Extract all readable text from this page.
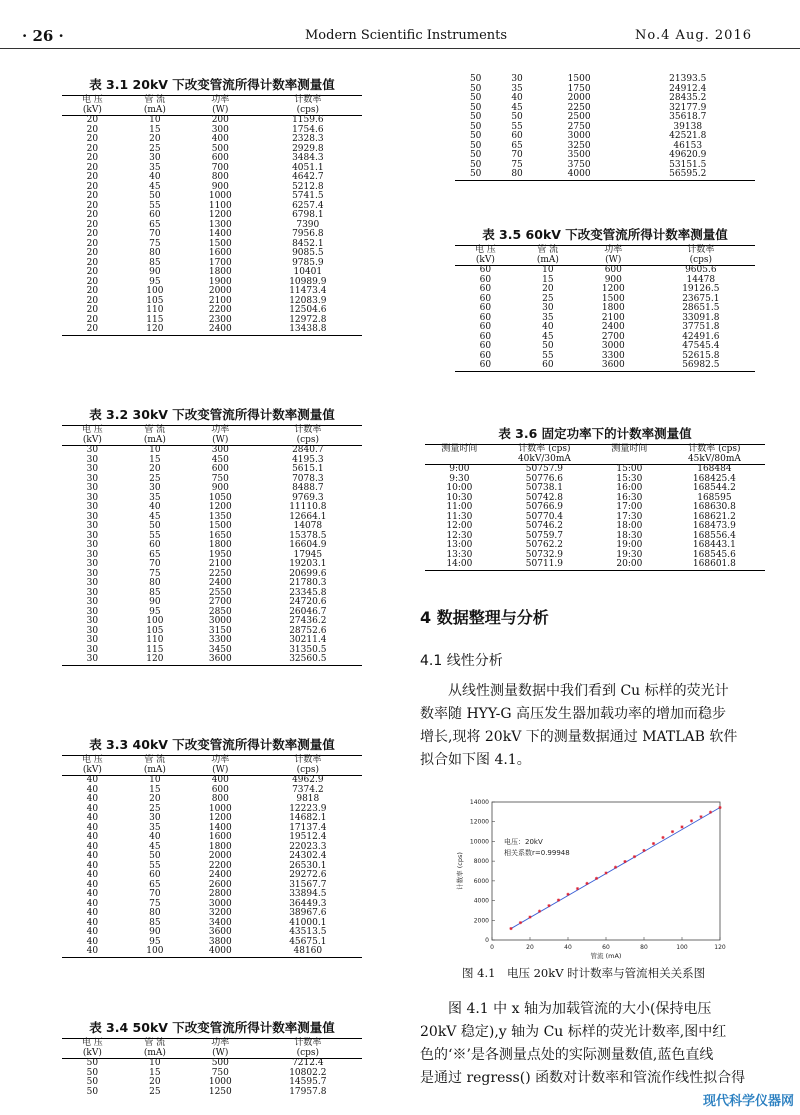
· 26 ·	Modern Scientific Instruments	No.4 Aug. 2016
表 3.1 20kV 下改变管流所得计数率测量值
电 压	管 流	功率	计数率
(kV)	(mA)	(W)	(cps)
20	10	200	1159.6
20	15	300	1754.6
20	20	400	2328.3
20	25	500	2929.8
20	30	600	3484.3
20	35	700	4051.1
20	40	800	4642.7
20	45	900	5212.8
20	50	1000	5741.5
20	55	1100	6257.4
20	60	1200	6798.1
20	65	1300	7390
20	70	1400	7956.8
20	75	1500	8452.1
20	80	1600	9085.5
20	85	1700	9785.9
20	90	1800	10401
20	95	1900	10989.9
20	100	2000	11473.4
20	105	2100	12083.9
20	110	2200	12504.6
20	115	2300	12972.8
20	120	2400	13438.8
表 3.2 30kV 下改变管流所得计数率测量值
电 压	管 流	功率	计数率
(kV)	(mA)	(W)	(cps)
30	10	300	2840.7
30	15	450	4195.3
30	20	600	5615.1
30	25	750	7078.3
30	30	900	8488.7
30	35	1050	9769.3
30	40	1200	11110.8
30	45	1350	12664.1
30	50	1500	14078
30	55	1650	15378.5
30	60	1800	16604.9
30	65	1950	17945
30	70	2100	19203.1
30	75	2250	20699.6
30	80	2400	21780.3
30	85	2550	23345.8
30	90	2700	24720.6
30	95	2850	26046.7
30	100	3000	27436.2
30	105	3150	28752.6
30	110	3300	30211.4
30	115	3450	31350.5
30	120	3600	32560.5
表 3.3 40kV 下改变管流所得计数率测量值
电 压	管 流	功率	计数率
(kV)	(mA)	(W)	(cps)
40	10	400	4962.9
40	15	600	7374.2
40	20	800	9818
40	25	1000	12223.9
40	30	1200	14682.1
40	35	1400	17137.4
40	40	1600	19512.4
40	45	1800	22023.3
40	50	2000	24302.4
40	55	2200	26530.1
40	60	2400	29272.6
40	65	2600	31567.7
40	70	2800	33894.5
40	75	3000	36449.3
40	80	3200	38967.6
40	85	3400	41000.1
40	90	3600	43513.5
40	95	3800	45675.1
40	100	4000	48160
表 3.4 50kV 下改变管流所得计数率测量值
电 压	管 流	功率	计数率
(kV)	(mA)	(W)	(cps)
50	10	500	7212.4
50	15	750	10802.2
50	20	1000	14595.7
50	25	1250	17957.8
50	30	1500	21393.5
50	35	1750	24912.4
50	40	2000	28435.2
50	45	2250	32177.9
50	50	2500	35618.7
50	55	2750	39138
50	60	3000	42521.8
50	65	3250	46153
50	70	3500	49620.9
50	75	3750	53151.5
50	80	4000	56595.2
表 3.5 60kV 下改变管流所得计数率测量值
电 压	管 流	功率	计数率
(kV)	(mA)	(W)	(cps)
60	10	600	9605.6
60	15	900	14478
60	20	1200	19126.5
60	25	1500	23675.1
60	30	1800	28651.5
60	35	2100	33091.8
60	40	2400	37751.8
60	45	2700	42491.6
60	50	3000	47545.4
60	55	3300	52615.8
60	60	3600	56982.5
表 3.6 固定功率下的计数率测量值
测量时间	计数率 (cps)	测量时间	计数率 (cps)
	40kV/30mA		45kV/80mA
9:00	50757.9	15:00	168484
9:30	50776.6	15:30	168425.4
10:00	50738.1	16:00	168544.2
10:30	50742.8	16:30	168595
11:00	50766.9	17:00	168630.8
11:30	50770.4	17:30	168621.2
12:00	50746.2	18:00	168473.9
12:30	50759.7	18:30	168556.4
13:00	50762.2	19:00	168443.1
13:30	50732.9	19:30	168545.6
14:00	50711.9	20:00	168601.8
4 数据整理与分析
4.1 线性分析
从线性测量数据中我们看到 Cu 标样的荧光计
数率随 HYY-G 高压发生器加载功率的增加而稳步
增长,现将 20kV 下的测量数据通过 MATLAB 软件
拟合如下图 4.1。
0	20	40	60	80	100	120
0
2000
4000
6000
8000
10000
12000
14000
管流 (mA)
计数率 (cps)
电压：20kV
相关系数r=0.99948
图 4.1　电压 20kV 时计数率与管流相关关系图
图 4.1 中 x 轴为加载管流的大小(保持电压
20kV 稳定),y 轴为 Cu 标样的荧光计数率,图中红
色的‘※’是各测量点处的实际测量数值,蓝色直线
是通过 regress() 函数对计数率和管流作线性拟合得
现代科学仪器网
